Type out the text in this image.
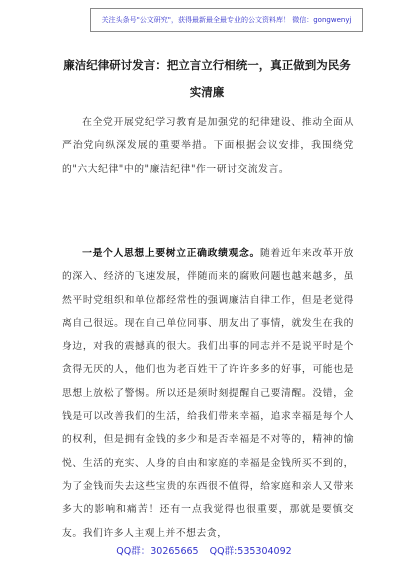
关注头条号"公文研究"，获得最新最全最专业的公文资料库！ 微信：gongwenyj
廉洁纪律研讨发言：把立言立行相统一，真正做到为民务
实清廉
在全党开展党纪学习教育是加强党的纪律建设、推动全面从严治党向纵深发展的重要举措。下面根据会议安排，我围绕党的"六大纪律"中的"廉洁纪律"作一研讨交流发言。
一是个人思想上要树立正确政绩观念。随着近年来改革开放的深入、经济的飞速发展，伴随而来的腐败问题也越来越多，虽然平时党组织和单位都经常性的强调廉洁自律工作，但是老觉得离自己很远。现在自己单位同事、朋友出了事情，就发生在我的身边，对我的震撼真的很大。我们出事的同志并不是说平时是个贪得无厌的人，他们也为老百姓干了许许多多的好事，可能也是思想上放松了警惕。所以还是须时刻提醒自己要清醒。没错，金钱是可以改善我们的生活，给我们带来幸福，追求幸福是每个人的权利，但是拥有金钱的多少和是否幸福是不对等的，精神的愉悦、生活的充实、人身的自由和家庭的幸福是金钱所买不到的，为了金钱而失去这些宝贵的东西很不值得，给家庭和亲人又带来多大的影响和痛苦！还有一点我觉得也很重要，那就是要慎交友。我们许多人主观上并不想去贪，
QQ群：30265665 QQ群:535304092
